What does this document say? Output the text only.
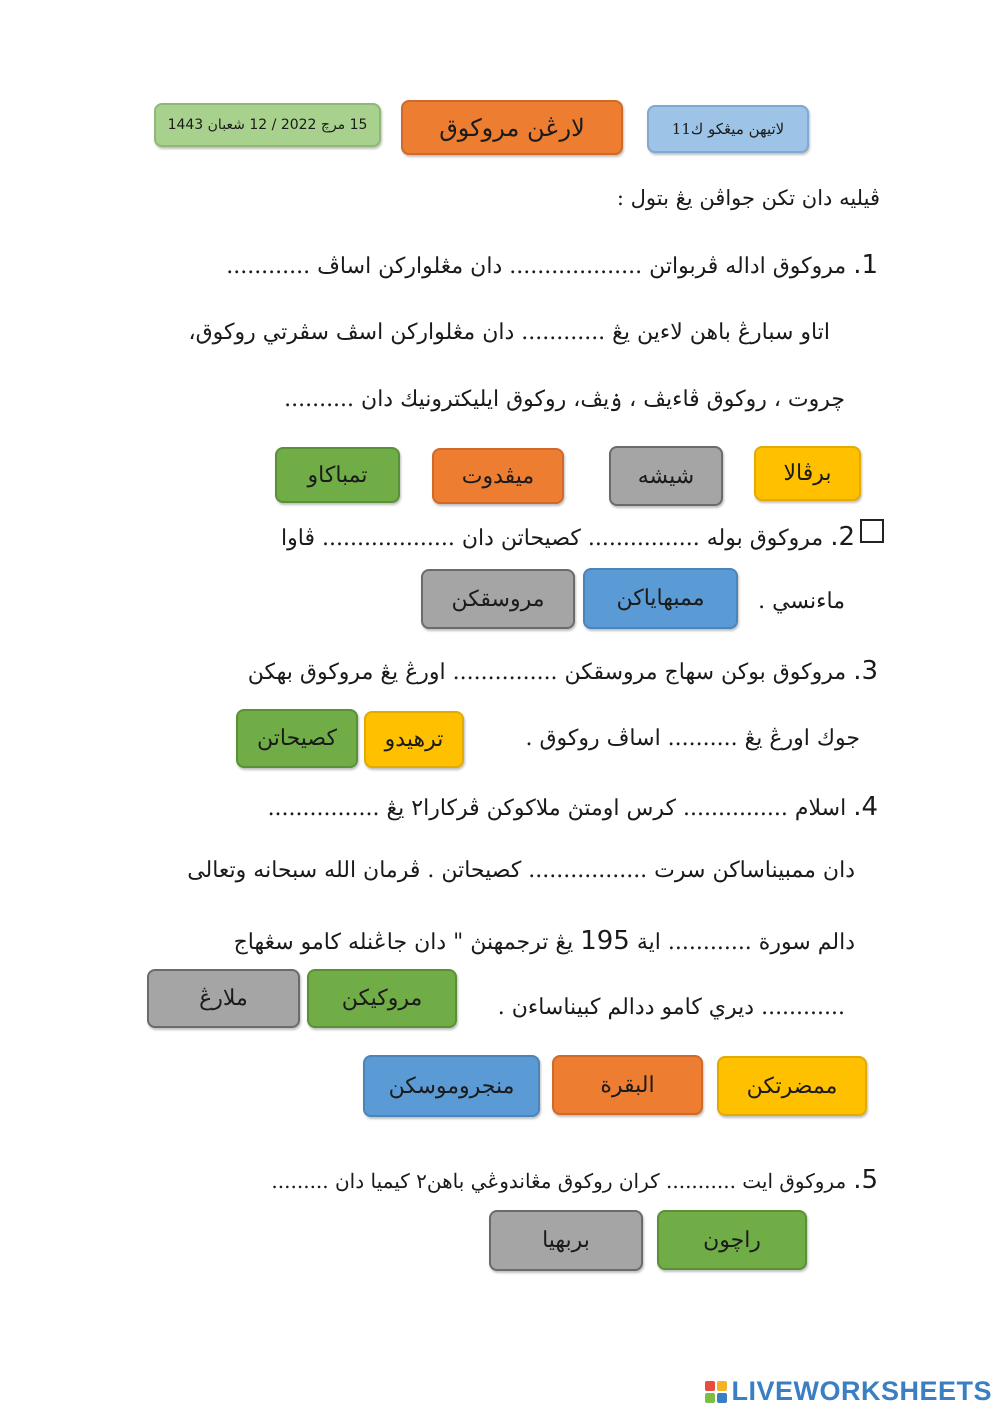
15 مرچ 2022 / 12 شعبان 1443	لارڠن مروکوق	لاتيهن ميڠکو ك11
ڤيليه دان تکن جواڤن يڠ بتول :
1. مروکوق اداله ڤربواتن ................... دان مڠلوارکن اساڤ ............
اتاو سبارڠ باهن لاءين يڠ ............ دان مڠلوارکن اسڤ سڤرتي روکوق،
چروت ، روکوق ڤاءيڤ ، ۏيڤ، روکوق ايليکترونيك دان ..........
برڤالا
شيشه
ميڤدوت
تمباکاو
2. مروکوق بوله ................ کصيحاتن دان ................... ڤاوا
ماءنسي .
ممبهاياکن
مروسقکن
3. مروکوق بوکن سهاج مروسقکن ............... اورڠ يڠ مروکوق بهکن
جوك اورڠ يڠ .......... اساڤ روکوق .
ترهيدو
کصيحاتن
4. اسلام ............... کرس اومتڽ ملاکوکن ڤرکارا٢ يڠ ................
دان ممبيناساکن سرت ................. کصيحاتن . ڤرمان الله سبحانه وتعالى
دالم سورة ............ اية 195 يڠ ترجمهنڽ " دان جاڠنله کامو سڠهاج
............ ديري کامو ددالم کبيناساءن .
مروکيکن
ملارڠ
ممضرتکن
البقرة
منجروموسکن
5. مروکوق ايت ........... کران روکوق مڠاندوڠي باهن٢ کيميا دان .........
راچون
بربهيا
LIVEWORKSHEETS
